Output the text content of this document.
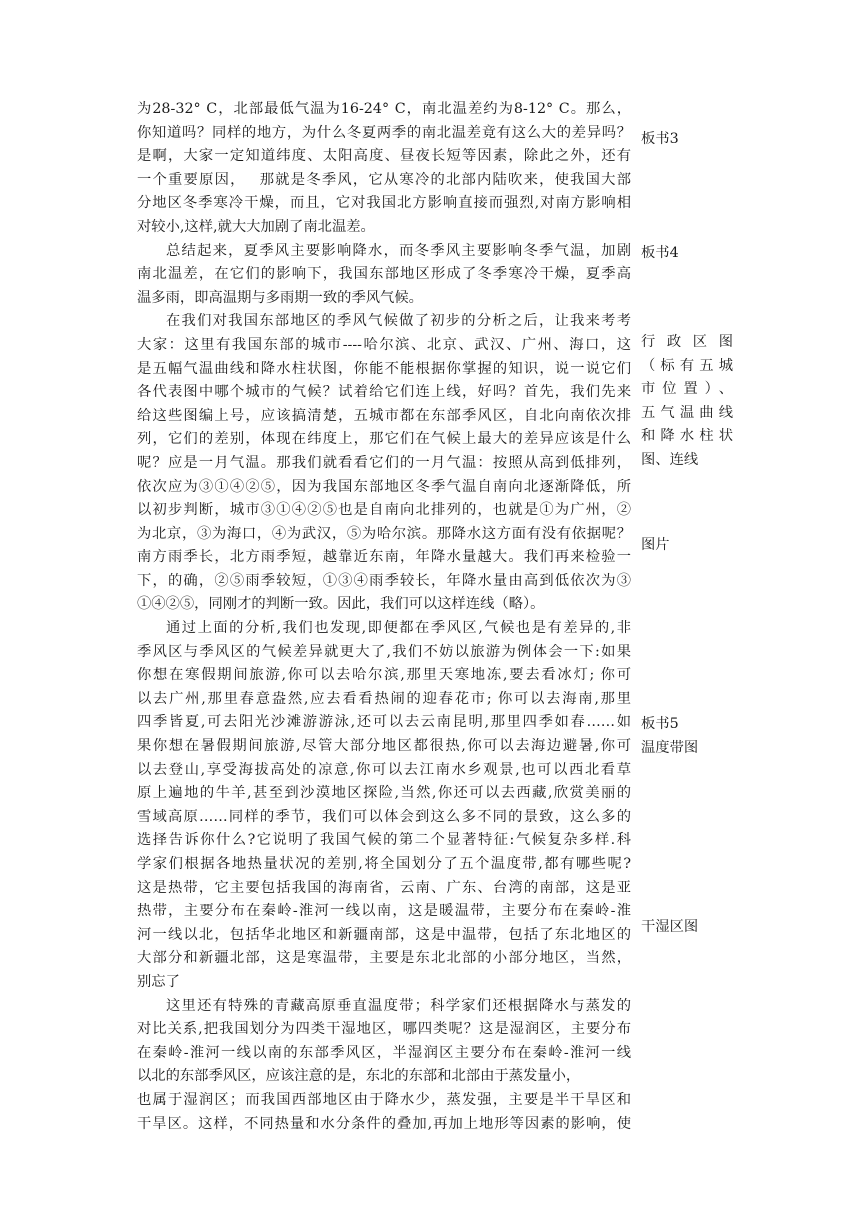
为28-32° C，北部最低气温为16-24° C，南北温差约为8-12° C。那么，
你知道吗？同样的地方，为什么冬夏两季的南北温差竟有这么大的差异吗？
是啊，大家一定知道纬度、太阳高度、昼夜长短等因素，除此之外，还有
一个重要原因，　 那就是冬季风，它从寒冷的北部内陆吹来，使我国大部
分地区冬季寒冷干燥，而且，它对我国北方影响直接而强烈,对南方影响相
对较小,这样,就大大加剧了南北温差。
总结起来，夏季风主要影响降水，而冬季风主要影响冬季气温，加剧
南北温差，在它们的影响下，我国东部地区形成了冬季寒冷干燥，夏季高
温多雨，即高温期与多雨期一致的季风气候。
在我们对我国东部地区的季风气候做了初步的分析之后，让我来考考
大家：这里有我国东部的城市----哈尔滨、北京、武汉、广州、海口，这
是五幅气温曲线和降水柱状图，你能不能根据你掌握的知识，说一说它们
各代表图中哪个城市的气候？试着给它们连上线，好吗？首先，我们先来
给这些图编上号，应该搞清楚，五城市都在东部季风区，自北向南依次排
列，它们的差别，体现在纬度上，那它们在气候上最大的差异应该是什么
呢？应是一月气温。那我们就看看它们的一月气温：按照从高到低排列，
依次应为③①④②⑤，因为我国东部地区冬季气温自南向北逐渐降低，所
以初步判断，城市③①④②⑤也是自南向北排列的，也就是①为广州，②
为北京，③为海口，④为武汉，⑤为哈尔滨。那降水这方面有没有依据呢？
南方雨季长，北方雨季短，越靠近东南，年降水量越大。我们再来检验一
下，的确，②⑤雨季较短，①③④雨季较长，年降水量由高到低依次为③
①④②⑤，同刚才的判断一致。因此，我们可以这样连线（略）。
通过上面的分析,我们也发现,即便都在季风区,气候也是有差异的,非
季风区与季风区的气候差异就更大了,我们不妨以旅游为例体会一下:如果
你想在寒假期间旅游,你可以去哈尔滨,那里天寒地冻,要去看冰灯; 你可
以去广州,那里春意盎然,应去看看热闹的迎春花市; 你可以去海南,那里
四季皆夏,可去阳光沙滩游游泳,还可以去云南昆明,那里四季如春……如
果你想在暑假期间旅游,尽管大部分地区都很热,你可以去海边避暑,你可
以去登山,享受海拔高处的凉意,你可以去江南水乡观景,也可以西北看草
原上遍地的牛羊,甚至到沙漠地区探险,当然,你还可以去西藏,欣赏美丽的
雪域高原……同样的季节，我们可以体会到这么多不同的景致，这么多的
选择告诉你什么?它说明了我国气候的第二个显著特征:气候复杂多样.科
学家们根据各地热量状况的差别,将全国划分了五个温度带,都有哪些呢?
这是热带，它主要包括我国的海南省，云南、广东、台湾的南部，这是亚
热带，主要分布在秦岭-淮河一线以南，这是暖温带，主要分布在秦岭-淮
河一线以北，包括华北地区和新疆南部，这是中温带，包括了东北地区的
大部分和新疆北部，这是寒温带，主要是东北北部的小部分地区，当然，
别忘了
这里还有特殊的青藏高原垂直温度带；科学家们还根据降水与蒸发的
对比关系,把我国划分为四类干湿地区，哪四类呢？这是湿润区，主要分布
在秦岭-淮河一线以南的东部季风区，半湿润区主要分布在秦岭-淮河一线
以北的东部季风区，应该注意的是，东北的东部和北部由于蒸发量小，
也属于湿润区；而我国西部地区由于降水少，蒸发强，主要是半干旱区和
干旱区。这样，不同热量和水分条件的叠加,再加上地形等因素的影响，使
板书3
板书4
行 政 区 图
（标有五城
市位置）、
五气温曲线
和降水柱状
图、连线
图片
板书5
温度带图
干湿区图
